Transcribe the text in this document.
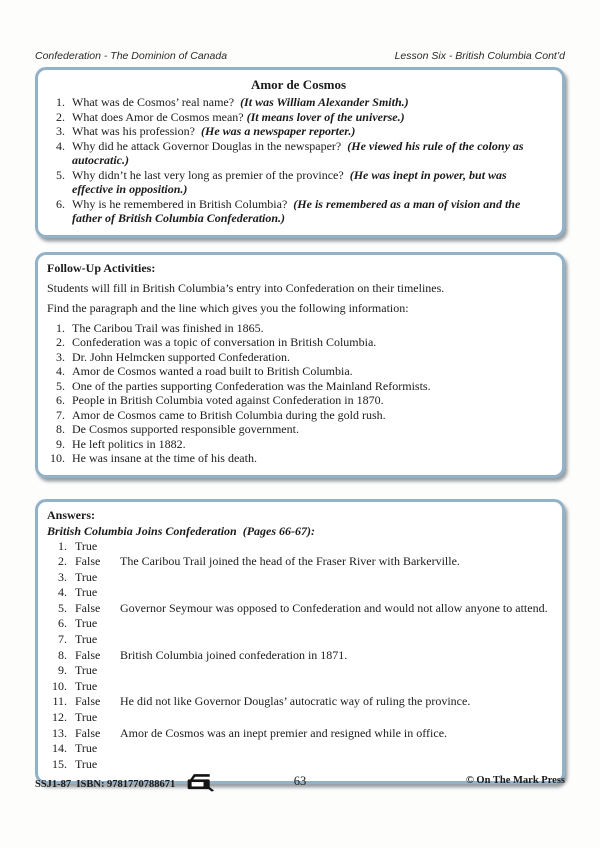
Confederation - The Dominion of Canada	Lesson Six - British Columbia Cont’d
Amor de Cosmos
1. What was de Cosmos’ real name? (It was William Alexander Smith.)
2. What does Amor de Cosmos mean? (It means lover of the universe.)
3. What was his profession? (He was a newspaper reporter.)
4. Why did he attack Governor Douglas in the newspaper? (He viewed his rule of the colony as autocratic.)
5. Why didn’t he last very long as premier of the province? (He was inept in power, but was effective in opposition.)
6. Why is he remembered in British Columbia? (He is remembered as a man of vision and the father of British Columbia Confederation.)
Follow-Up Activities:
Students will fill in British Columbia’s entry into Confederation on their timelines.
Find the paragraph and the line which gives you the following information:
1. The Caribou Trail was finished in 1865.
2. Confederation was a topic of conversation in British Columbia.
3. Dr. John Helmcken supported Confederation.
4. Amor de Cosmos wanted a road built to British Columbia.
5. One of the parties supporting Confederation was the Mainland Reformists.
6. People in British Columbia voted against Confederation in 1870.
7. Amor de Cosmos came to British Columbia during the gold rush.
8. De Cosmos supported responsible government.
9. He left politics in 1882.
10. He was insane at the time of his death.
Answers:
British Columbia Joins Confederation  (Pages 66-67):
1. True
2. False	The Caribou Trail joined the head of the Fraser River with Barkerville.
3. True
4. True
5. False	Governor Seymour was opposed to Confederation and would not allow anyone to attend.
6. True
7. True
8. False	British Columbia joined confederation in 1871.
9. True
10. True
11. False	He did not like Governor Douglas’ autocratic way of ruling the province.
12. True
13. False	Amor de Cosmos was an inept premier and resigned while in office.
14. True
15. True
SSJ1-87  ISBN: 9781770788671	63	© On The Mark Press
